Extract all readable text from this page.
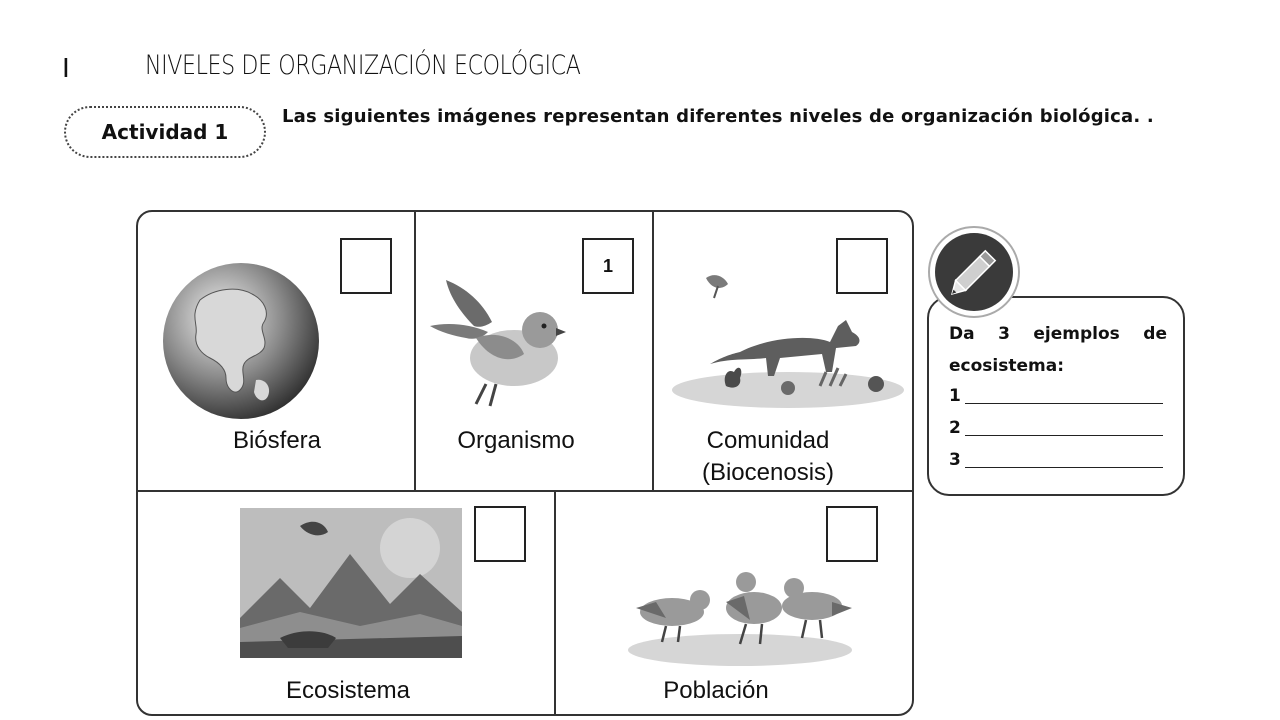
I	NIVELES DE ORGANIZACIÓN ECOLÓGICA
Actividad 1
Las siguientes imágenes representan diferentes niveles de organización biológica. .
Biósfera
1
Organismo	Comunidad
(Biocenosis)
Ecosistema	Población
Da 3 ejemplos de ecosistema:
1
2
3
